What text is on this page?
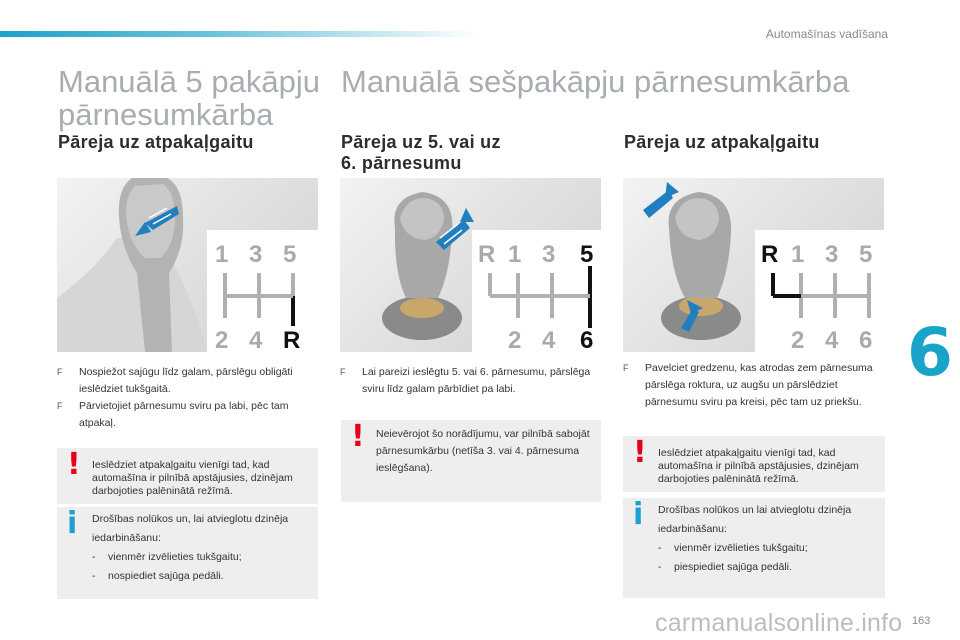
Automašīnas vadīšana
Manuālā 5 pakāpju
pārnesumkārba
Pāreja uz atpakaļgaitu
1 3 5
2 4 R
F Nospiežot sajūgu līdz galam, pārslēgu obligāti ieslēdziet tukšgaitā.
F Pārvietojiet pārnesumu sviru pa labi, pēc tam atpakaļ.
! Ieslēdziet atpakaļgaitu vienīgi tad, kad automašīna ir pilnībā apstājusies, dzinējam darbojoties palēninātā režīmā.
i Drošības nolūkos un, lai atvieglotu dzinēja iedarbināšanu:
- vienmēr izvēlieties tukšgaitu;
- nospiediet sajūga pedāli.
Manuālā sešpakāpju pārnesumkārba
Pāreja uz 5. vai uz
6. pārnesumu
R 1 3 5
2 4 6
F Lai pareizi ieslēgtu 5. vai 6. pārnesumu, pārslēga sviru līdz galam pārbīdiet pa labi.
! Neievērojot šo norādījumu, var pilnībā sabojāt pārnesumkārbu (netīša 3. vai 4. pārnesuma ieslēgšana).
Pāreja uz atpakaļgaitu
R 1 3 5
2 4 6
F Pavelciet gredzenu, kas atrodas zem pārnesuma pārslēga roktura, uz augšu un pārslēdziet pārnesumu sviru pa kreisi, pēc tam uz priekšu.
! Ieslēdziet atpakaļgaitu vienīgi tad, kad automašīna ir pilnībā apstājusies, dzinējam darbojoties palēninātā režīmā.
i Drošības nolūkos un lai atvieglotu dzinēja iedarbināšanu:
- vienmēr izvēlieties tukšgaitu;
- piespiediet sajūga pedāli.
6
carmanualsonline.info 163
